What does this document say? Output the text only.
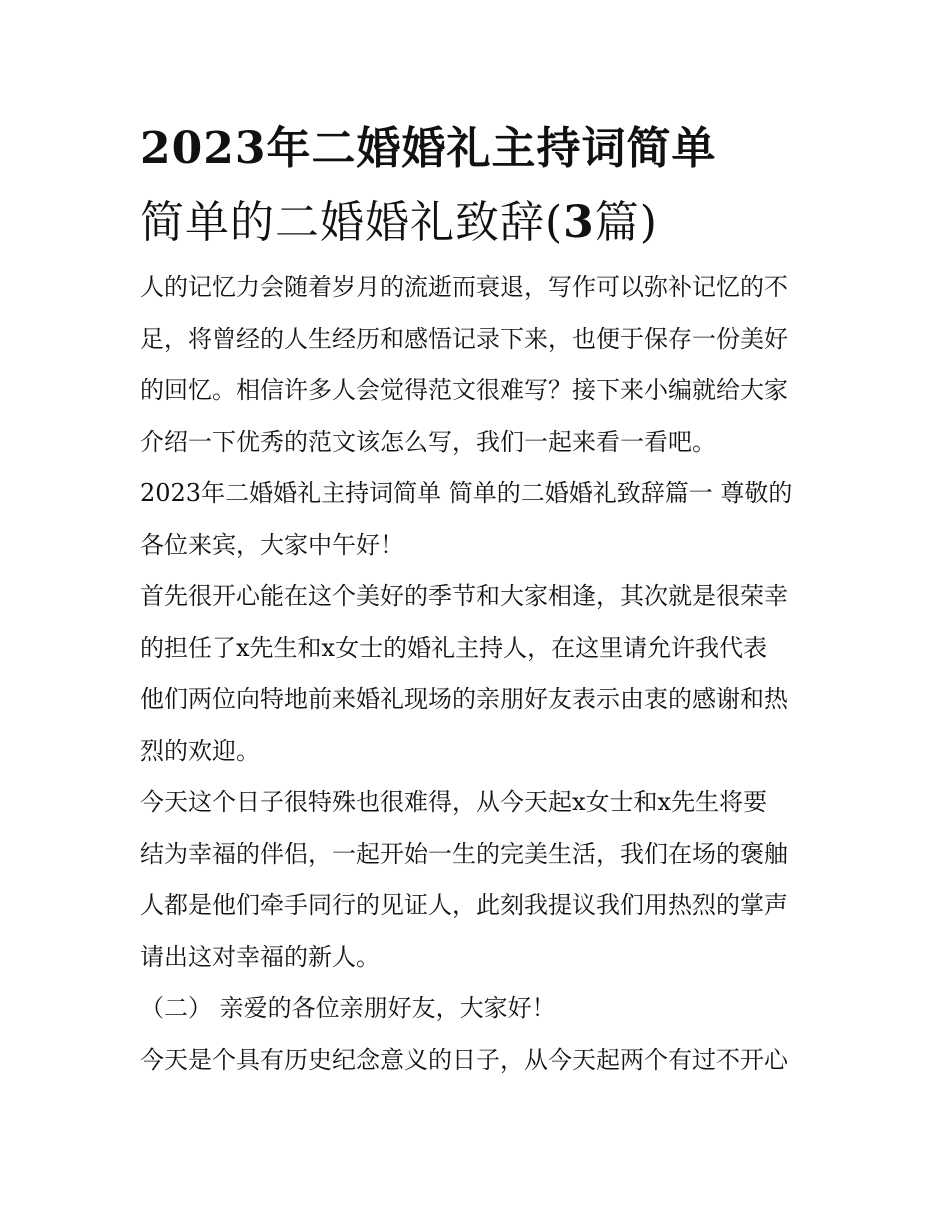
2023年二婚婚礼主持词简单
简单的二婚婚礼致辞(3篇)

人的记忆力会随着岁月的流逝而衰退，写作可以弥补记忆的不
足，将曾经的人生经历和感悟记录下来，也便于保存一份美好
的回忆。相信许多人会觉得范文很难写？接下来小编就给大家
介绍一下优秀的范文该怎么写，我们一起来看一看吧。

2023年二婚婚礼主持词简单 简单的二婚婚礼致辞篇一 尊敬的
各位来宾，大家中午好！

首先很开心能在这个美好的季节和大家相逢，其次就是很荣幸
的担任了x先生和x女士的婚礼主持人，在这里请允许我代表
他们两位向特地前来婚礼现场的亲朋好友表示由衷的感谢和热
烈的欢迎。

今天这个日子很特殊也很难得，从今天起x女士和x先生将要
结为幸福的伴侣，一起开始一生的完美生活，我们在场的褒舳
人都是他们牵手同行的见证人，此刻我提议我们用热烈的掌声
请出这对幸福的新人。

（二） 亲爱的各位亲朋好友，大家好！

今天是个具有历史纪念意义的日子，从今天起两个有过不开心
